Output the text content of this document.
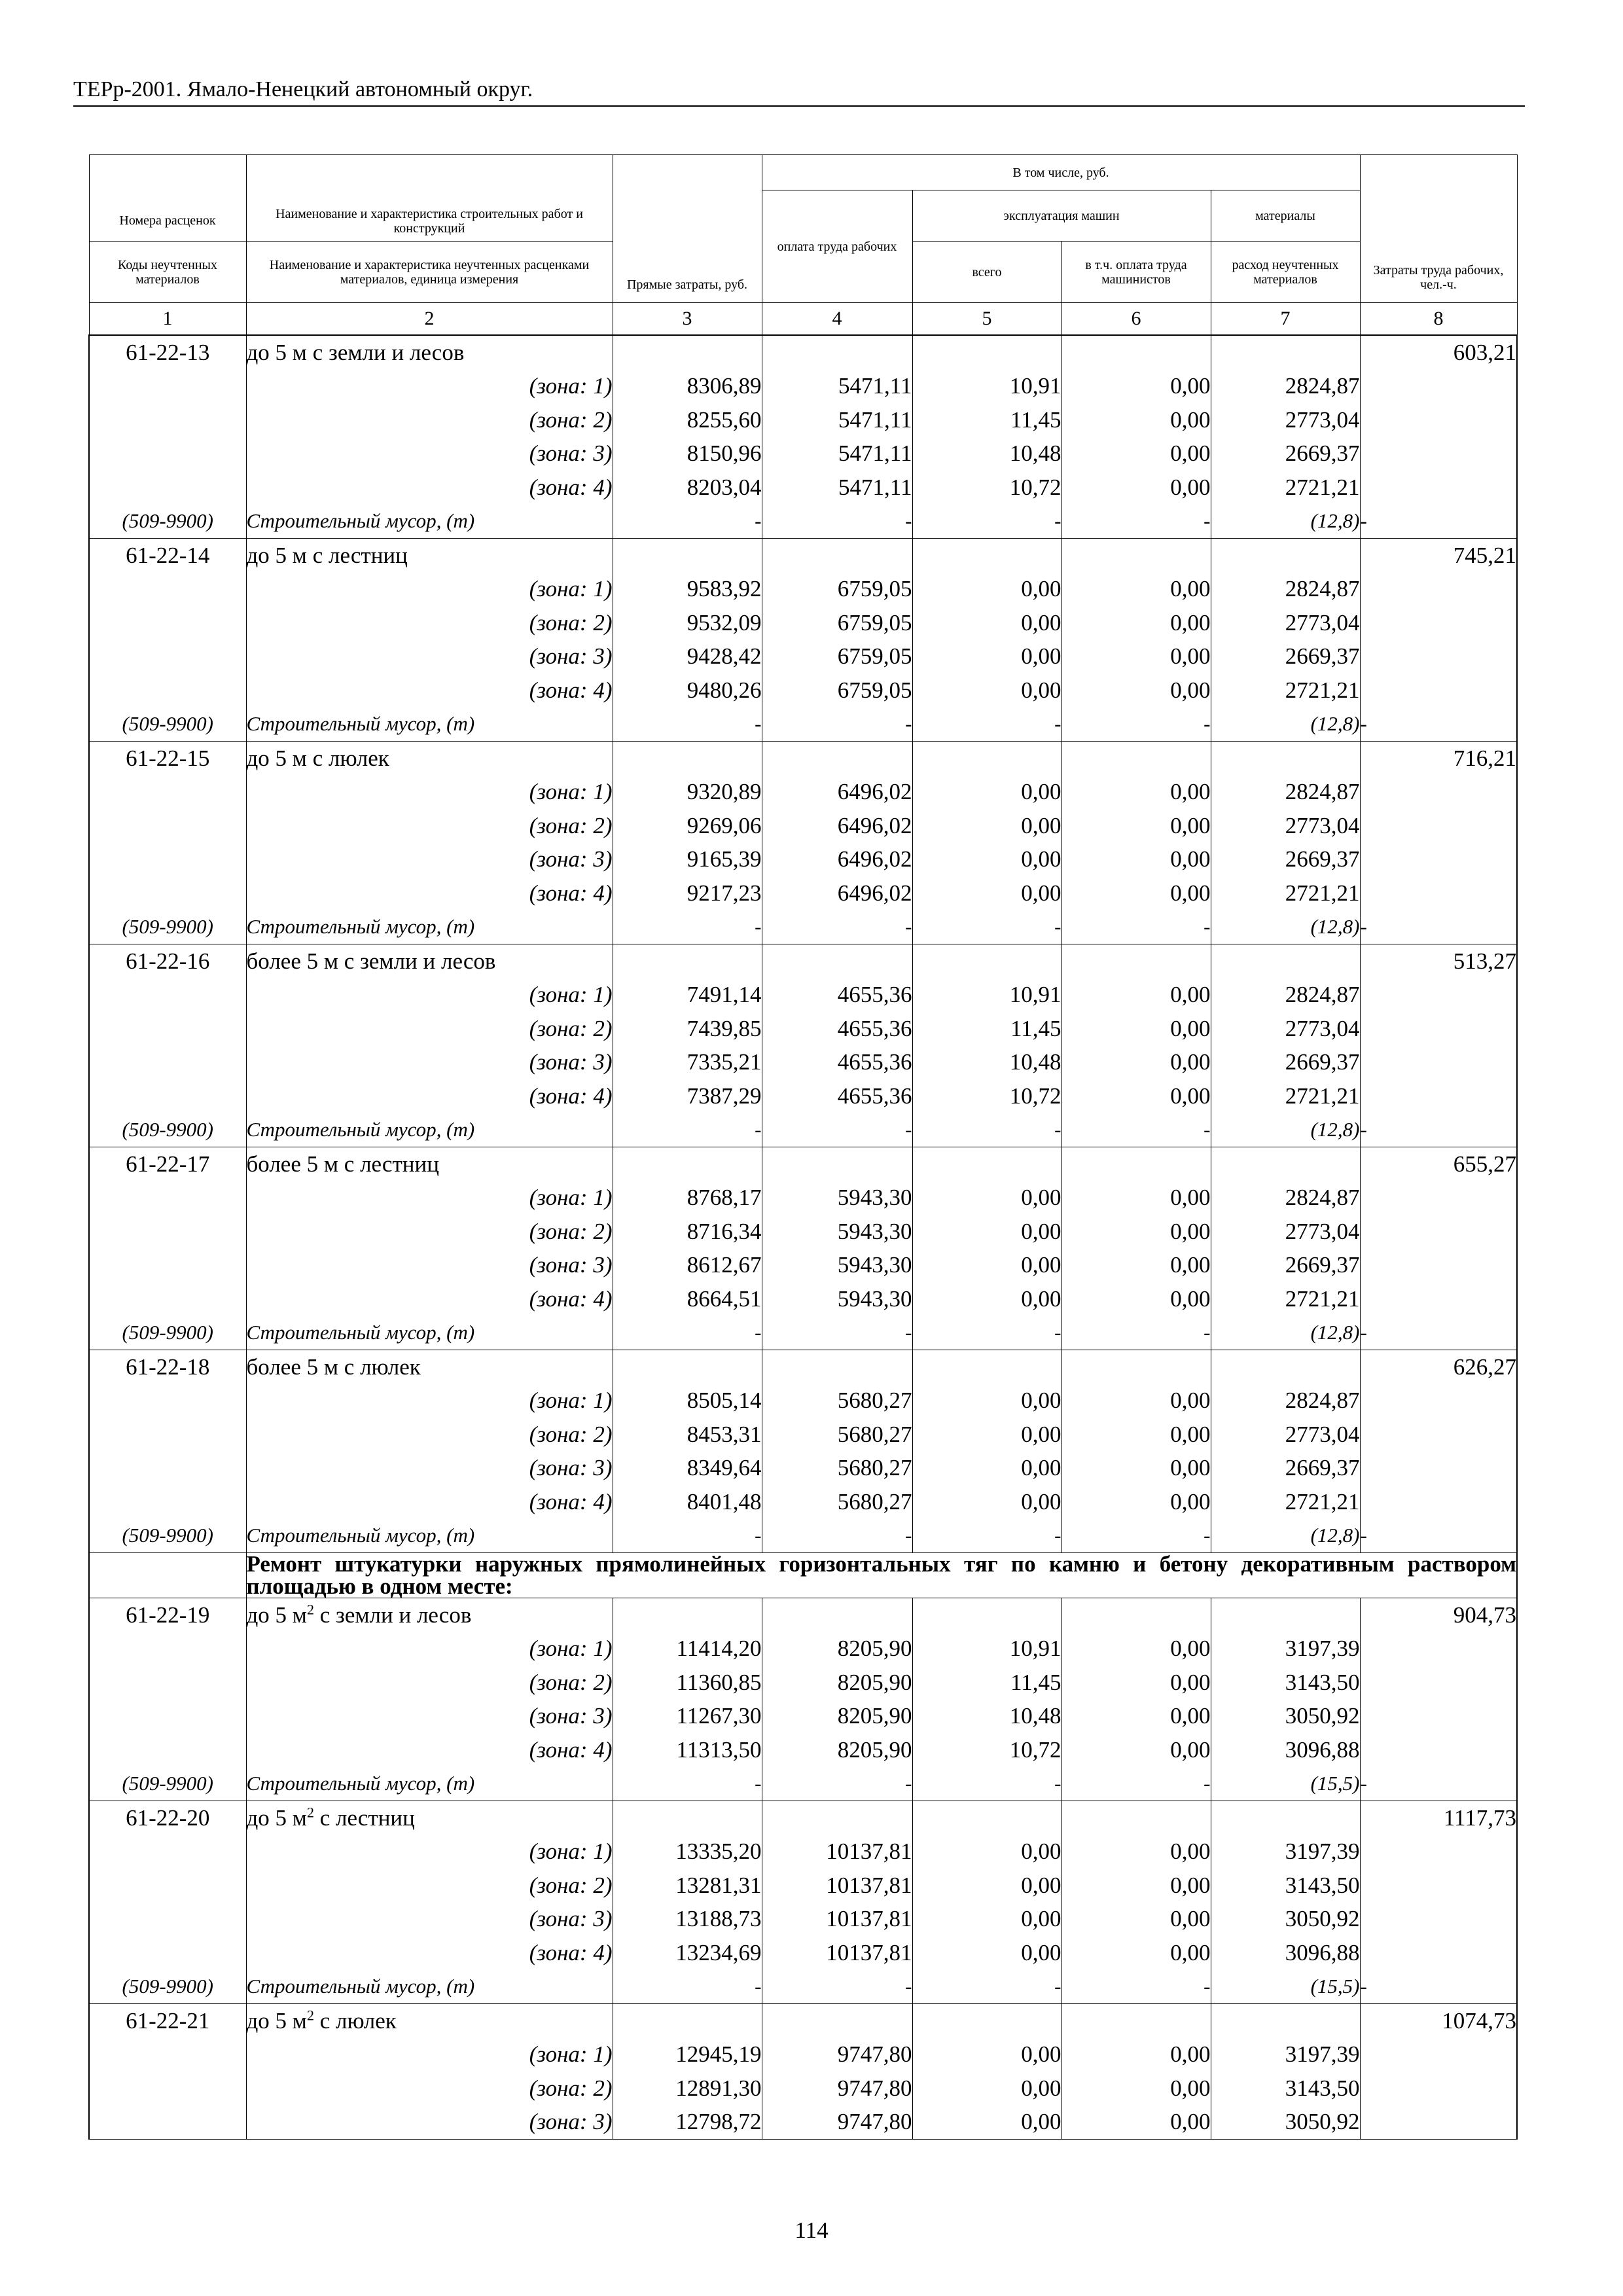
ТЕРр-2001. Ямало-Ненецкий автономный округ.
Номера расценок	Наименование и характеристика строительных работ и конструкций	Прямые затраты, руб.	В том числе, руб.				Затраты труда рабочих, чел.-ч.
			оплата труда рабочих	эксплуатация машин		материалы	
Коды неучтенных материалов	Наименование и характеристика неучтенных расценками материалов, единица измерения			всего	в т.ч. оплата труда машинистов	расход неучтенных материалов	
1	2	3	4	5	6	7	8
61-22-13	до 5 м с земли и лесов						603,21
	(зона: 1)	8306,89	5471,11	10,91	0,00	2824,87	
	(зона: 2)	8255,60	5471,11	11,45	0,00	2773,04	
	(зона: 3)	8150,96	5471,11	10,48	0,00	2669,37	
	(зона: 4)	8203,04	5471,11	10,72	0,00	2721,21	
(509-9900)	Строительный мусор, (т)	-	-	-	-	(12,8)	-
61-22-14	до 5 м с лестниц						745,21
	(зона: 1)	9583,92	6759,05	0,00	0,00	2824,87	
	(зона: 2)	9532,09	6759,05	0,00	0,00	2773,04	
	(зона: 3)	9428,42	6759,05	0,00	0,00	2669,37	
	(зона: 4)	9480,26	6759,05	0,00	0,00	2721,21	
(509-9900)	Строительный мусор, (т)	-	-	-	-	(12,8)	-
61-22-15	до 5 м с люлек						716,21
	(зона: 1)	9320,89	6496,02	0,00	0,00	2824,87	
	(зона: 2)	9269,06	6496,02	0,00	0,00	2773,04	
	(зона: 3)	9165,39	6496,02	0,00	0,00	2669,37	
	(зона: 4)	9217,23	6496,02	0,00	0,00	2721,21	
(509-9900)	Строительный мусор, (т)	-	-	-	-	(12,8)	-
61-22-16	более 5 м с земли и лесов						513,27
	(зона: 1)	7491,14	4655,36	10,91	0,00	2824,87	
	(зона: 2)	7439,85	4655,36	11,45	0,00	2773,04	
	(зона: 3)	7335,21	4655,36	10,48	0,00	2669,37	
	(зона: 4)	7387,29	4655,36	10,72	0,00	2721,21	
(509-9900)	Строительный мусор, (т)	-	-	-	-	(12,8)	-
61-22-17	более 5 м с лестниц						655,27
	(зона: 1)	8768,17	5943,30	0,00	0,00	2824,87	
	(зона: 2)	8716,34	5943,30	0,00	0,00	2773,04	
	(зона: 3)	8612,67	5943,30	0,00	0,00	2669,37	
	(зона: 4)	8664,51	5943,30	0,00	0,00	2721,21	
(509-9900)	Строительный мусор, (т)	-	-	-	-	(12,8)	-
61-22-18	более 5 м с люлек						626,27
	(зона: 1)	8505,14	5680,27	0,00	0,00	2824,87	
	(зона: 2)	8453,31	5680,27	0,00	0,00	2773,04	
	(зона: 3)	8349,64	5680,27	0,00	0,00	2669,37	
	(зона: 4)	8401,48	5680,27	0,00	0,00	2721,21	
(509-9900)	Строительный мусор, (т)	-	-	-	-	(12,8)	-
	Ремонт штукатурки наружных прямолинейных горизонтальных тяг по камню и бетону декоративным раствором площадью в одном месте:						
61-22-19	до 5 $м^2$ с земли и лесов						904,73
	(зона: 1)	11414,20	8205,90	10,91	0,00	3197,39	
	(зона: 2)	11360,85	8205,90	11,45	0,00	3143,50	
	(зона: 3)	11267,30	8205,90	10,48	0,00	3050,92	
	(зона: 4)	11313,50	8205,90	10,72	0,00	3096,88	
(509-9900)	Строительный мусор, (т)	-	-	-	-	(15,5)	-
61-22-20	до 5 $м^2$ с лестниц						1117,73
	(зона: 1)	13335,20	10137,81	0,00	0,00	3197,39	
	(зона: 2)	13281,31	10137,81	0,00	0,00	3143,50	
	(зона: 3)	13188,73	10137,81	0,00	0,00	3050,92	
	(зона: 4)	13234,69	10137,81	0,00	0,00	3096,88	
(509-9900)	Строительный мусор, (т)	-	-	-	-	(15,5)	-
61-22-21	до 5 $м^2$ с люлек						1074,73
	(зона: 1)	12945,19	9747,80	0,00	0,00	3197,39	
	(зона: 2)	12891,30	9747,80	0,00	0,00	3143,50	
	(зона: 3)	12798,72	9747,80	0,00	0,00	3050,92	
114
